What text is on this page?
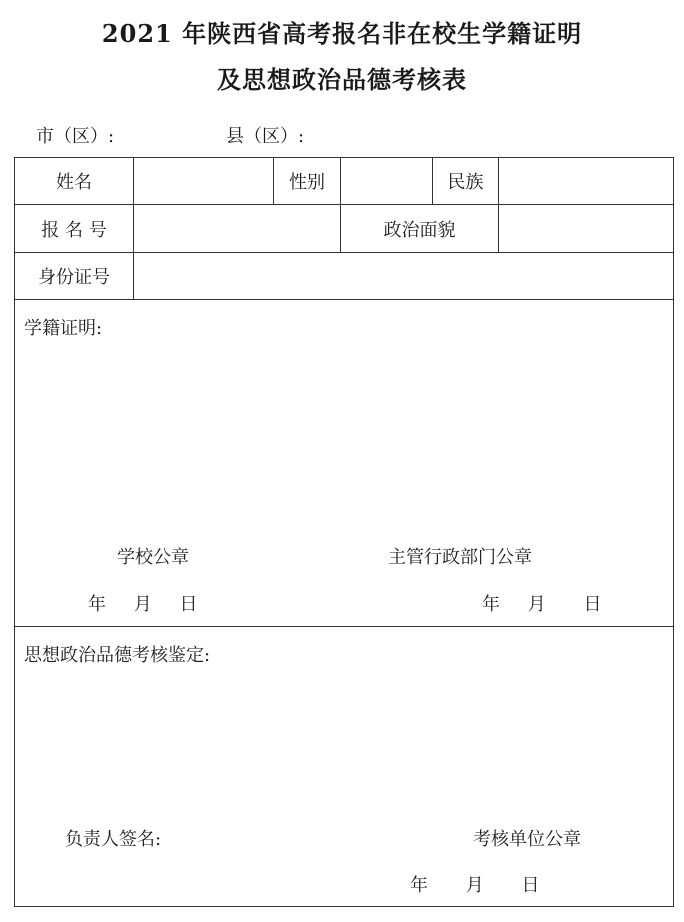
2021 年陕西省高考报名非在校生学籍证明
及思想政治品德考核表
市（区）:	县（区）:
姓名	性别	民族
报 名 号	政治面貌
身份证号
学籍证明:
学校公章	主管行政部门公章
年 月 日	年 月 日
思想政治品德考核鉴定:
负责人签名:	考核单位公章
年 月 日
